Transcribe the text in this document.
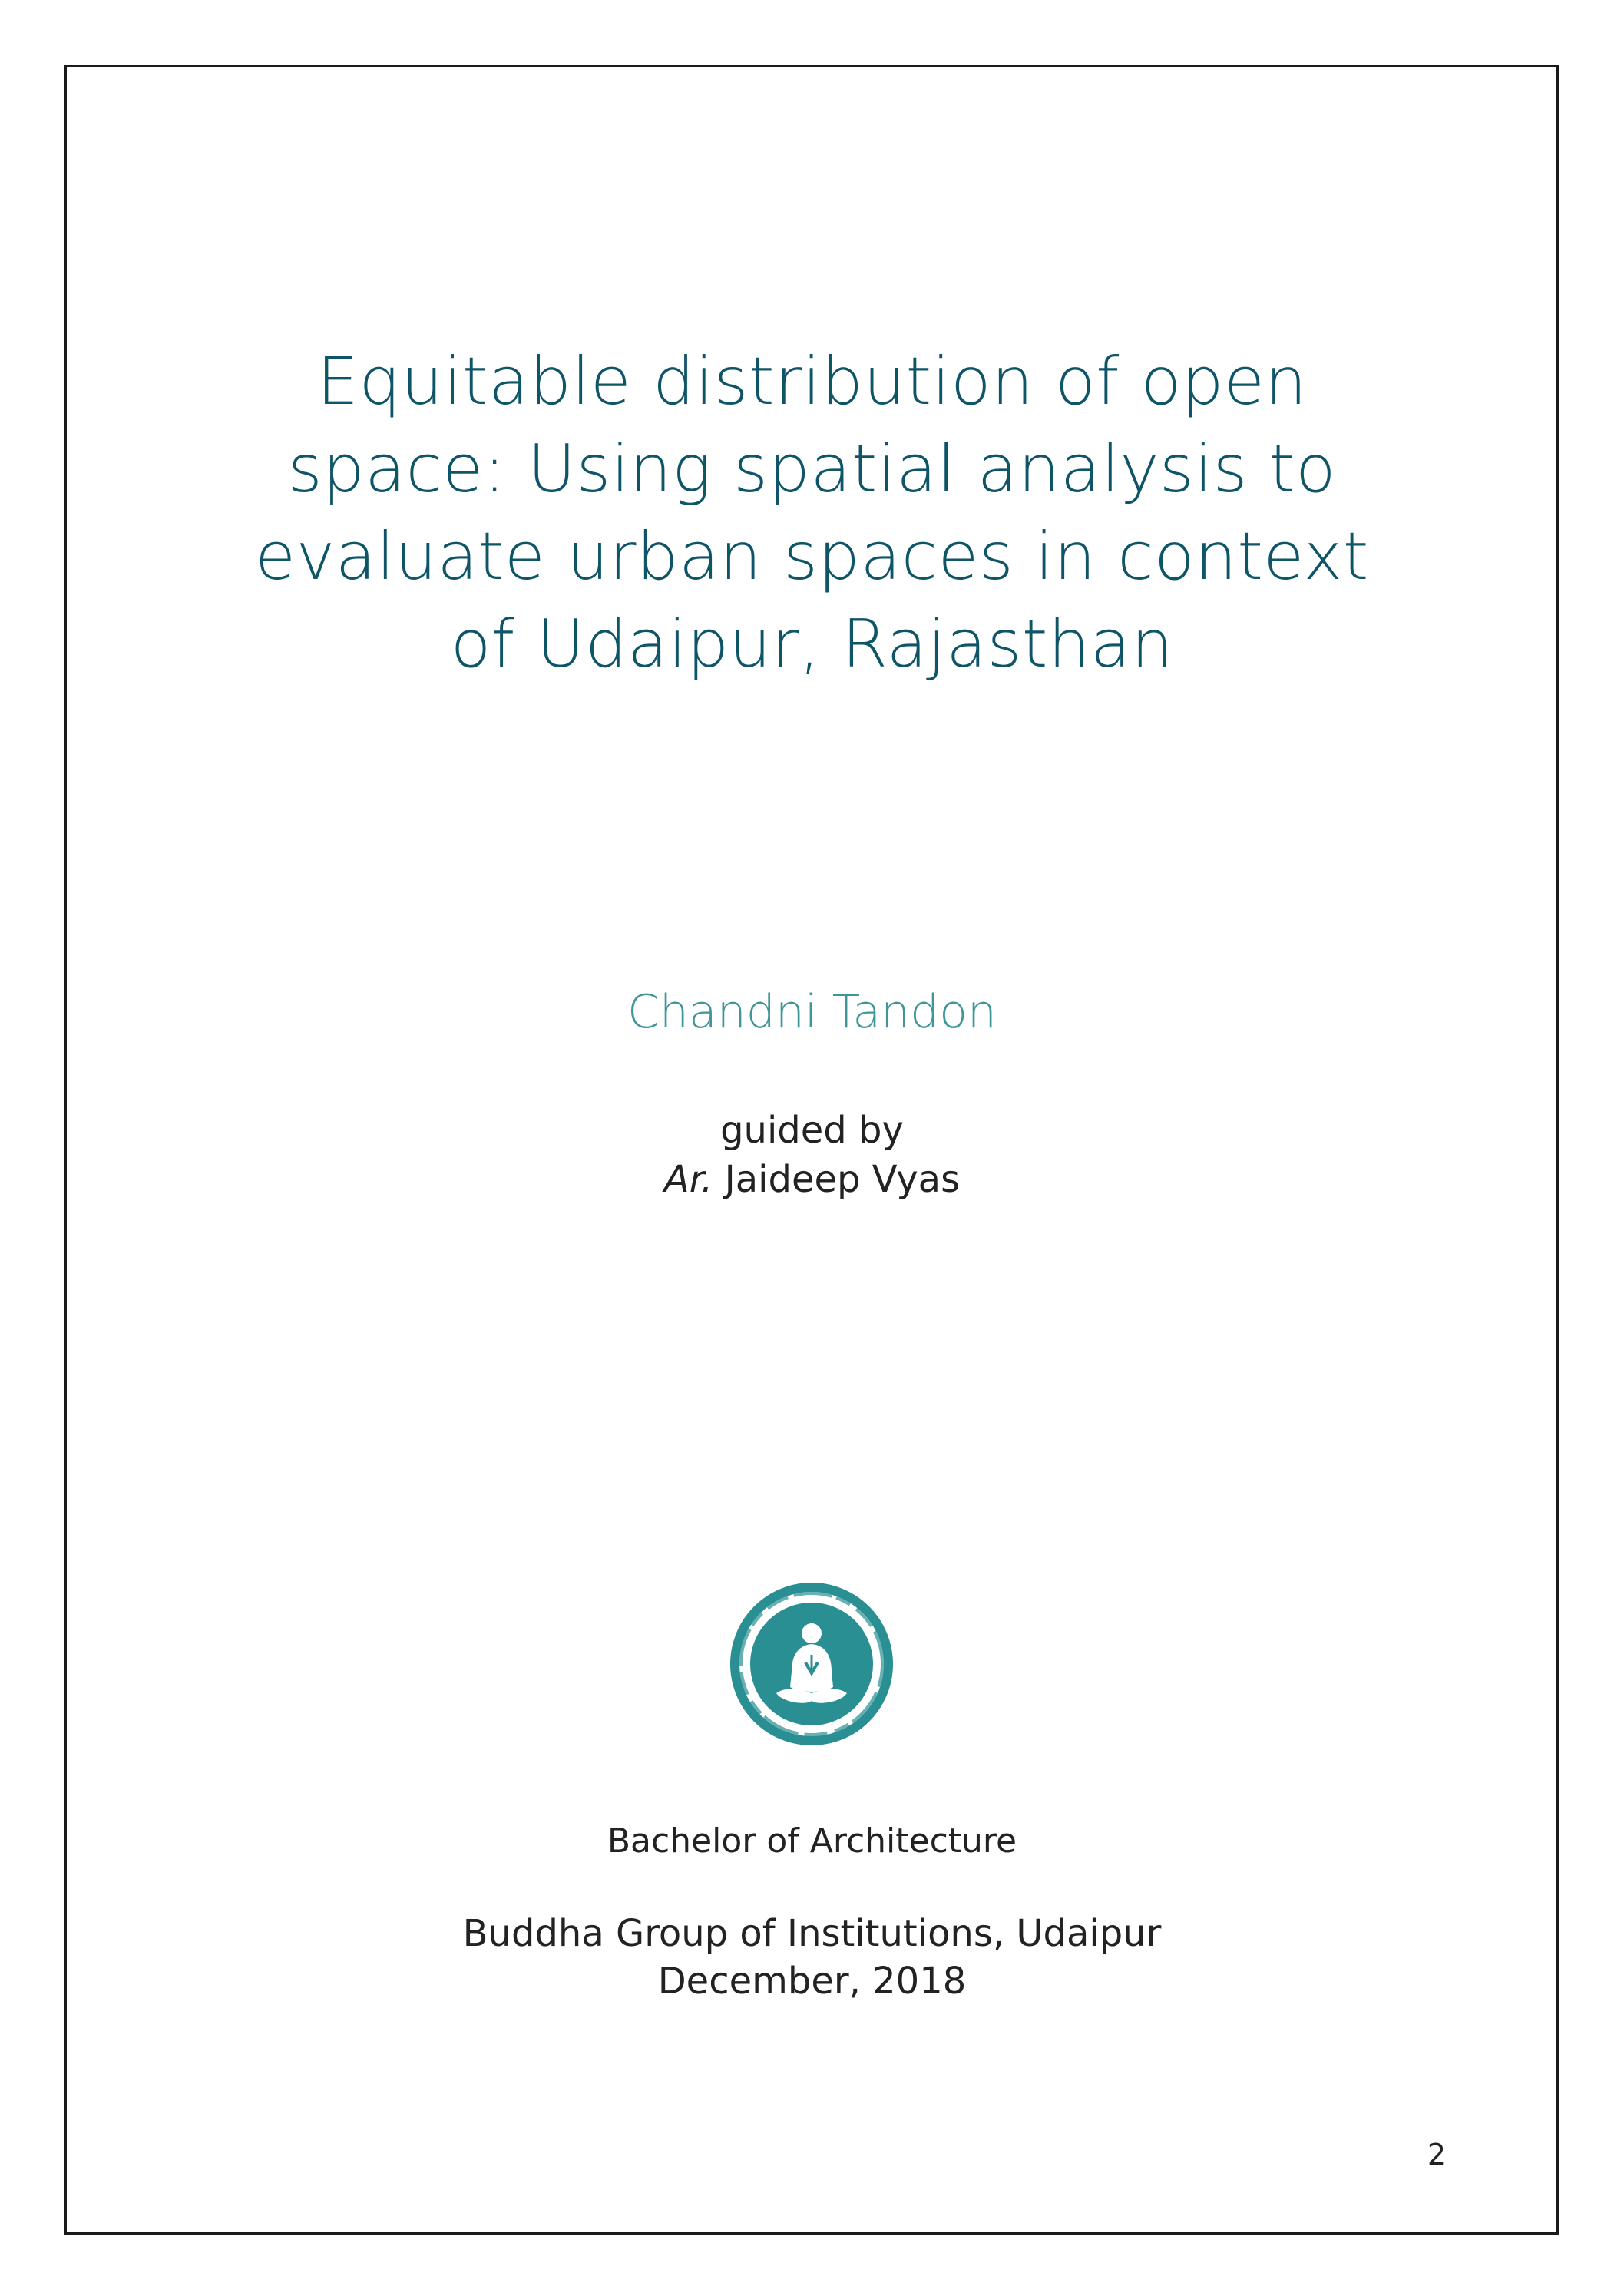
Equitable distribution of open
space: Using spatial analysis to
evaluate urban spaces in context
of Udaipur, Rajasthan
Chandni Tandon
guided by
Ar. Jaideep Vyas
Bachelor of Architecture
Buddha Group of Institutions, Udaipur
December, 2018
2
